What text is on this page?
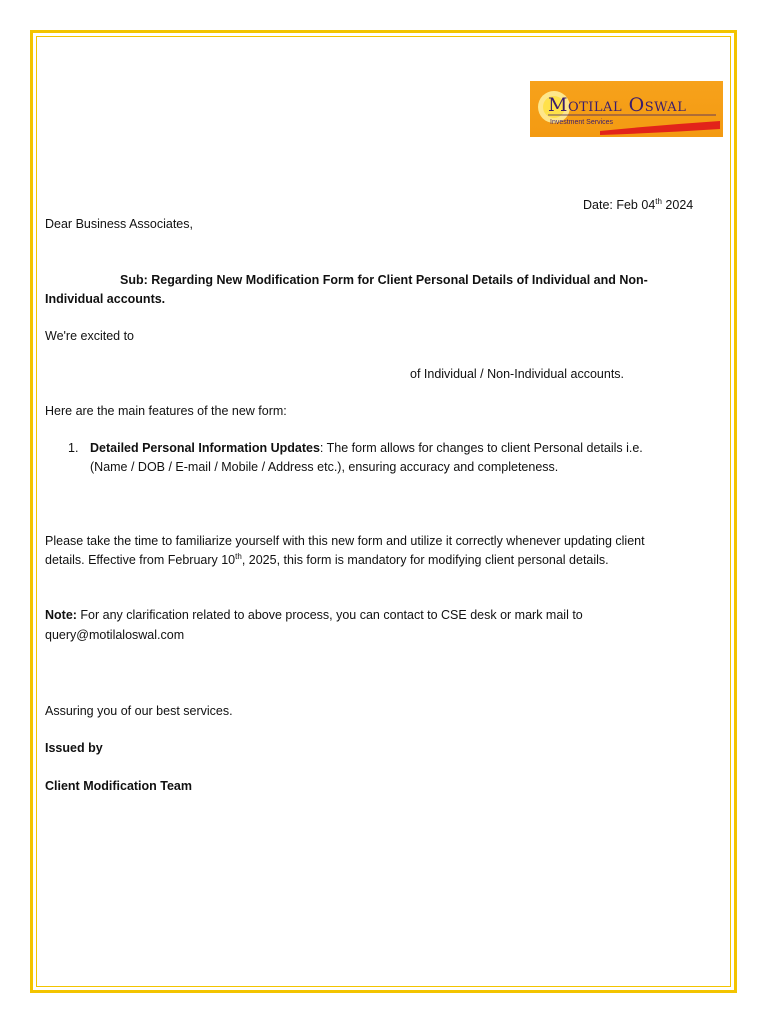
Motilal Oswal
Investment Services
Date: Feb 04th 2024
Dear Business Associates,
Sub: Regarding New Modification Form for Client Personal Details of Individual and Non-
Individual accounts.
We're excited to
of Individual / Non-Individual accounts.
Here are the main features of the new form:
1. Detailed Personal Information Updates: The form allows for changes to client Personal details i.e.
(Name / DOB / E-mail / Mobile / Address etc.), ensuring accuracy and completeness.
Please take the time to familiarize yourself with this new form and utilize it correctly whenever updating client
details. Effective from February 10th, 2025, this form is mandatory for modifying client personal details.
Note: For any clarification related to above process, you can contact to CSE desk or mark mail to
query@motilaloswal.com
Assuring you of our best services.
Issued by
Client Modification Team
